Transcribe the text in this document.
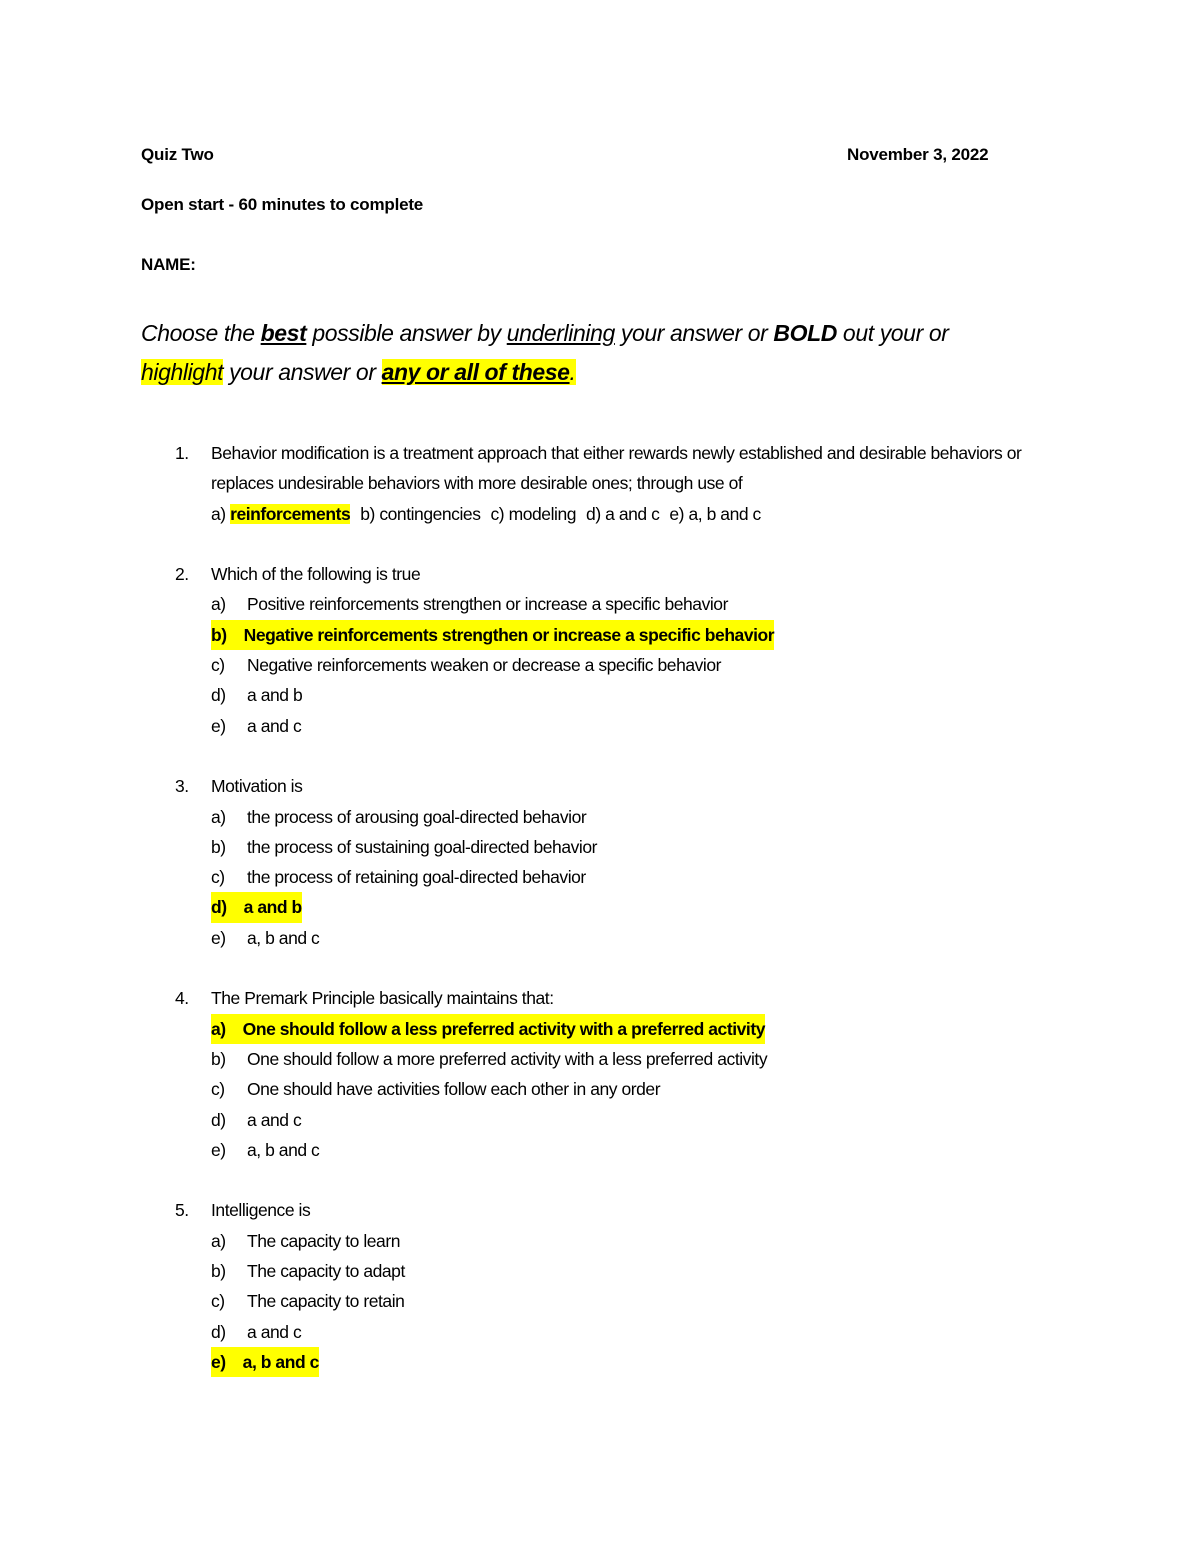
Quiz Two	November 3, 2022
Open start - 60 minutes to complete
NAME:
Choose the best possible answer by underlining your answer or BOLD out your or
highlight your answer or any or all of these.
1.	Behavior modification is a treatment approach that either rewards newly established and desirable behaviors or replaces undesirable behaviors with more desirable ones; through use of
a) reinforcements b) contingencies c) modeling d) a and c e) a, b and c
2.	Which of the following is true
a)	Positive reinforcements strengthen or increase a specific behavior
b) Negative reinforcements strengthen or increase a specific behavior
c)	Negative reinforcements weaken or decrease a specific behavior
d)	a and b
e)	a and c
3.	Motivation is
a)	the process of arousing goal-directed behavior
b)	the process of sustaining goal-directed behavior
c)	the process of retaining goal-directed behavior
d) a and b
e)	a, b and c
4.	The Premark Principle basically maintains that:
a) One should follow a less preferred activity with a preferred activity
b)	One should follow a more preferred activity with a less preferred activity
c)	One should have activities follow each other in any order
d)	a and c
e)	a, b and c
5.	Intelligence is
a)	The capacity to learn
b)	The capacity to adapt
c)	The capacity to retain
d)	a and c
e) a, b and c
